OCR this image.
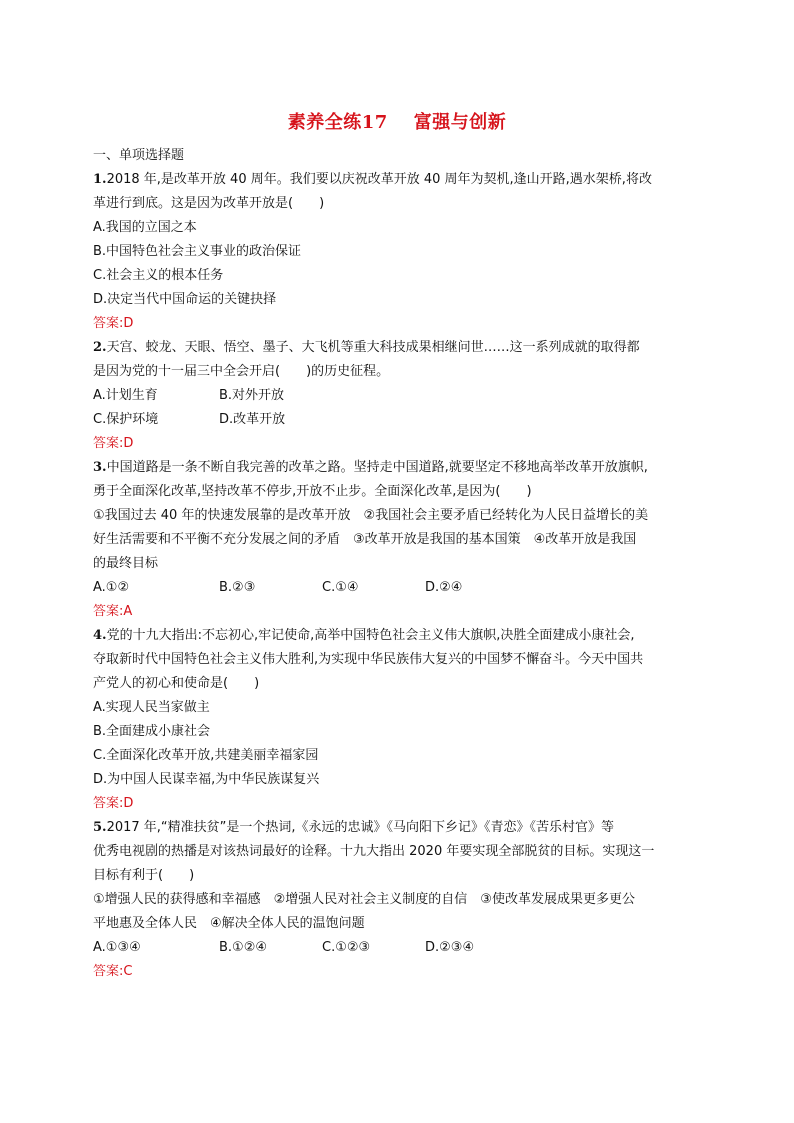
素养全练17 富强与创新
一、单项选择题
1.2018 年,是改革开放 40 周年。我们要以庆祝改革开放 40 周年为契机,逢山开路,遇水架桥,将改
革进行到底。这是因为改革开放是(　　)
A.我国的立国之本
B.中国特色社会主义事业的政治保证
C.社会主义的根本任务
D.决定当代中国命运的关键抉择
答案:D
2.天宫、蛟龙、天眼、悟空、墨子、大飞机等重大科技成果相继问世……这一系列成就的取得都
是因为党的十一届三中全会开启(　　)的历史征程。
A.计划生育	B.对外开放
C.保护环境	D.改革开放
答案:D
3.中国道路是一条不断自我完善的改革之路。坚持走中国道路,就要坚定不移地高举改革开放旗帜,
勇于全面深化改革,坚持改革不停步,开放不止步。全面深化改革,是因为(　　)
①我国过去 40 年的快速发展靠的是改革开放　②我国社会主要矛盾已经转化为人民日益增长的美
好生活需要和不平衡不充分发展之间的矛盾　③改革开放是我国的基本国策　④改革开放是我国
的最终目标
A.①②	B.②③	C.①④	D.②④
答案:A
4.党的十九大指出:不忘初心,牢记使命,高举中国特色社会主义伟大旗帜,决胜全面建成小康社会,
夺取新时代中国特色社会主义伟大胜利,为实现中华民族伟大复兴的中国梦不懈奋斗。今天中国共
产党人的初心和使命是(　　)
A.实现人民当家做主
B.全面建成小康社会
C.全面深化改革开放,共建美丽幸福家园
D.为中国人民谋幸福,为中华民族谋复兴
答案:D
5.2017 年,“精准扶贫”是一个热词,《永远的忠诚》《马向阳下乡记》《青恋》《苦乐村官》等
优秀电视剧的热播是对该热词最好的诠释。十九大指出 2020 年要实现全部脱贫的目标。实现这一
目标有利于(　　)
①增强人民的获得感和幸福感　②增强人民对社会主义制度的自信　③使改革发展成果更多更公
平地惠及全体人民　④解决全体人民的温饱问题
A.①③④	B.①②④	C.①②③	D.②③④
答案:C
